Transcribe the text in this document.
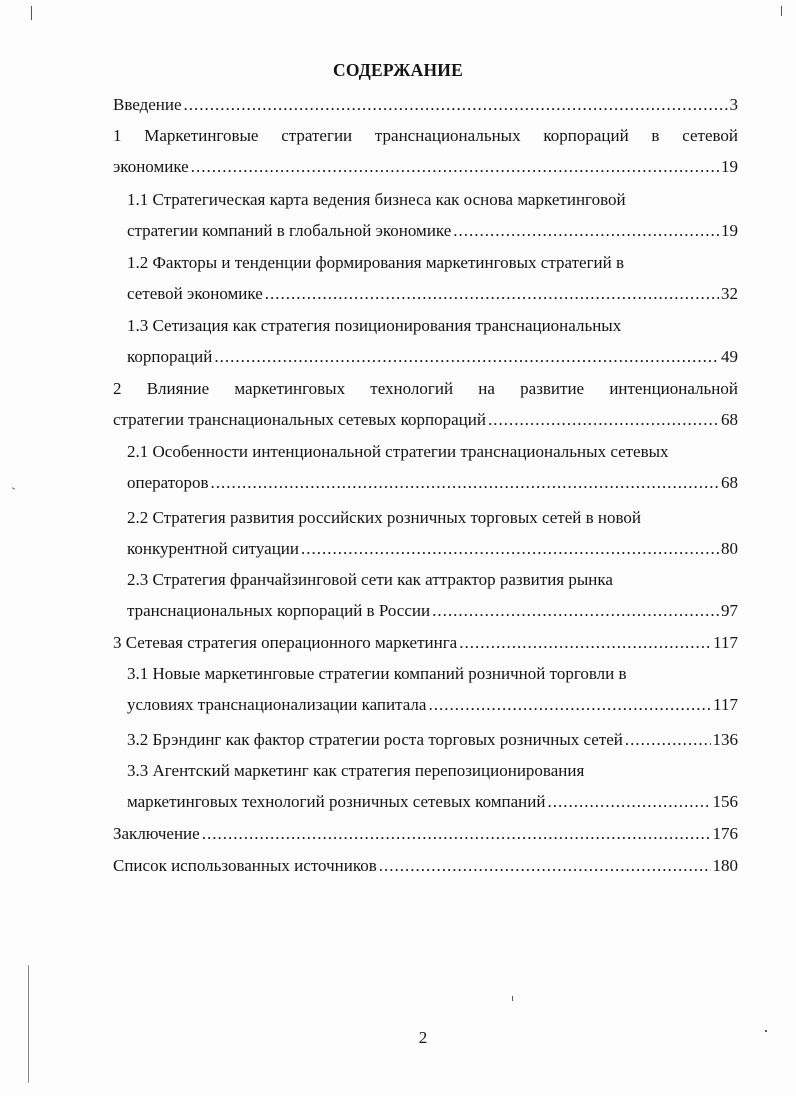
СОДЕРЖАНИЕ
Введение .....	3
1 Маркетинговые стратегии транснациональных корпораций в сетевой
экономике .....	19
1.1 Стратегическая карта ведения бизнеса как основа маркетинговой
стратегии компаний в глобальной экономике .....	19
1.2 Факторы и тенденции формирования маркетинговых стратегий в
сетевой экономике .....	32
1.3 Сетизация как стратегия позиционирования транснациональных
корпораций .....	49
2 Влияние маркетинговых технологий на развитие интенциональной
стратегии транснациональных сетевых корпораций .....	68
2.1 Особенности интенциональной стратегии транснациональных сетевых
операторов .....	68
2.2 Стратегия развития российских розничных торговых сетей в новой
конкурентной ситуации .....	80
2.3 Стратегия франчайзинговой сети как аттрактор развития рынка
транснациональных корпораций в России .....	97
3 Сетевая стратегия операционного маркетинга .....	117
3.1 Новые маркетинговые стратегии компаний розничной торговли в
условиях транснационализации капитала .....	117
3.2 Брэндинг как фактор стратегии роста торговых розничных сетей .....	136
3.3 Агентский маркетинг как стратегия перепозиционирования
маркетинговых технологий розничных сетевых компаний .....	156
Заключение .....	176
Список использованных источников .....	180
2
